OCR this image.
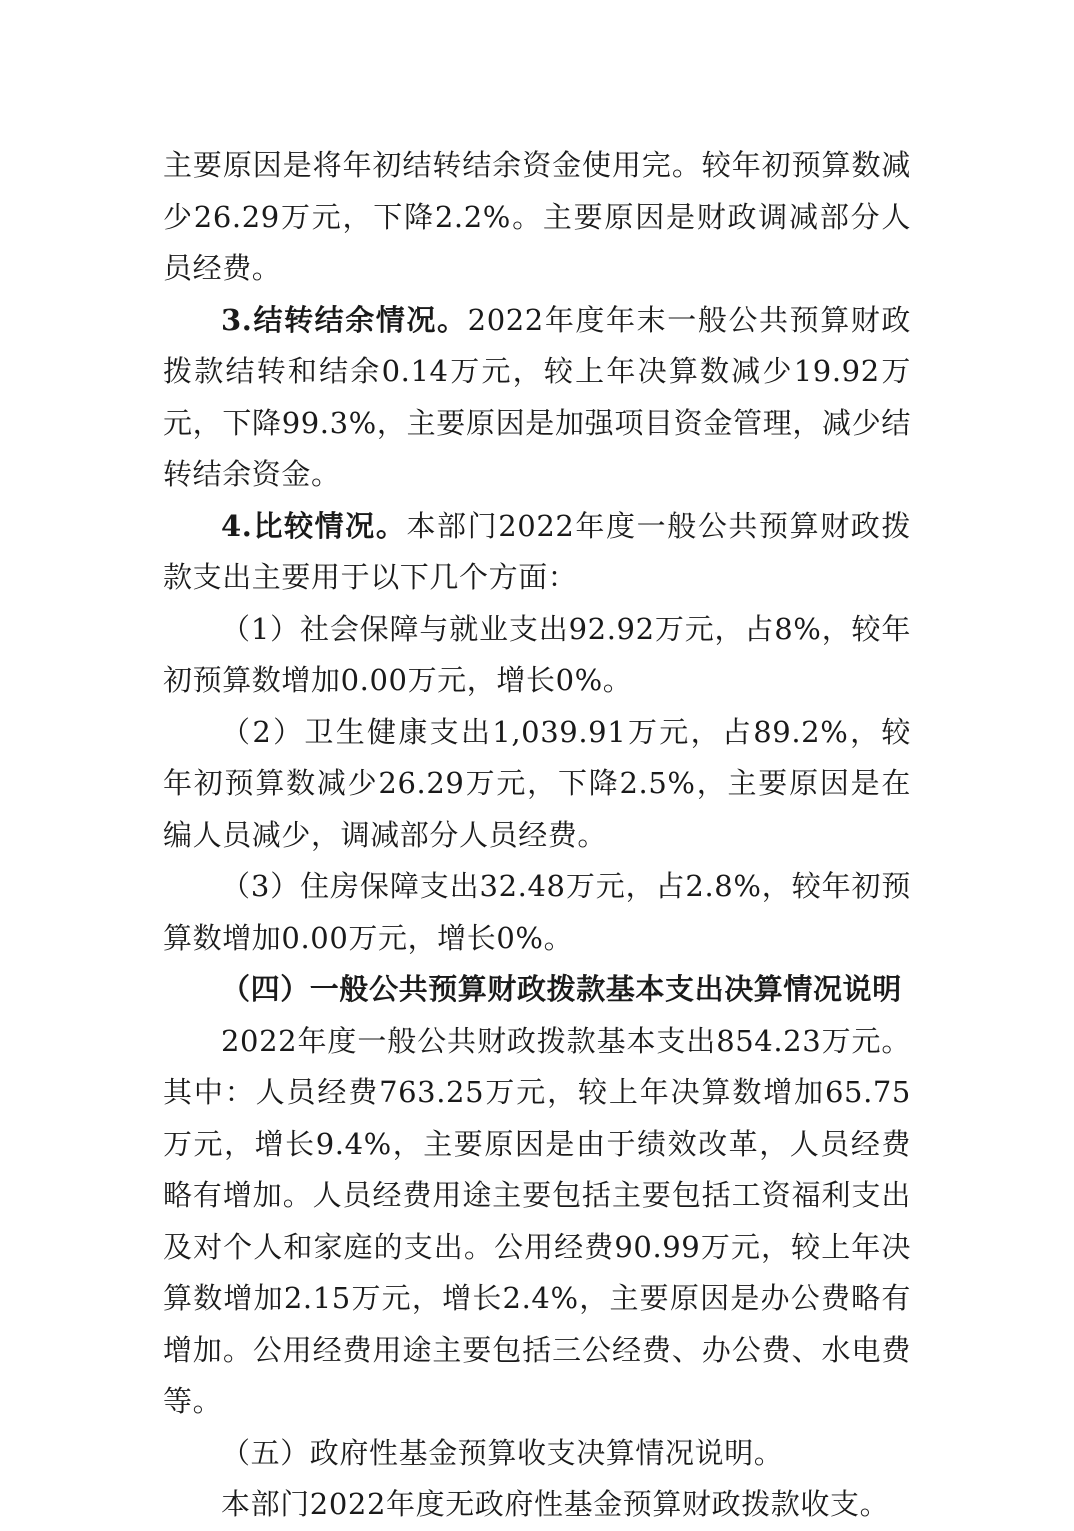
主要原因是将年初结转结余资金使用完。较年初预算数减少26.29万元，下降2.2%。主要原因是财政调减部分人员经费。

3.结转结余情况。2022年度年末一般公共预算财政拨款结转和结余0.14万元，较上年决算数减少19.92万元，下降99.3%，主要原因是加强项目资金管理，减少结转结余资金。

4.比较情况。本部门2022年度一般公共预算财政拨款支出主要用于以下几个方面：

（1）社会保障与就业支出92.92万元，占8%，较年初预算数增加0.00万元，增长0%。

（2）卫生健康支出1,039.91万元，占89.2%，较年初预算数减少26.29万元，下降2.5%，主要原因是在编人员减少，调减部分人员经费。

（3）住房保障支出32.48万元，占2.8%，较年初预算数增加0.00万元，增长0%。

（四）一般公共预算财政拨款基本支出决算情况说明

2022年度一般公共财政拨款基本支出854.23万元。其中：人员经费763.25万元，较上年决算数增加65.75万元，增长9.4%，主要原因是由于绩效改革，人员经费略有增加。人员经费用途主要包括主要包括工资福利支出及对个人和家庭的支出。公用经费90.99万元，较上年决算数增加2.15万元，增长2.4%，主要原因是办公费略有增加。公用经费用途主要包括三公经费、办公费、水电费等。

（五）政府性基金预算收支决算情况说明。

本部门2022年度无政府性基金预算财政拨款收支。
